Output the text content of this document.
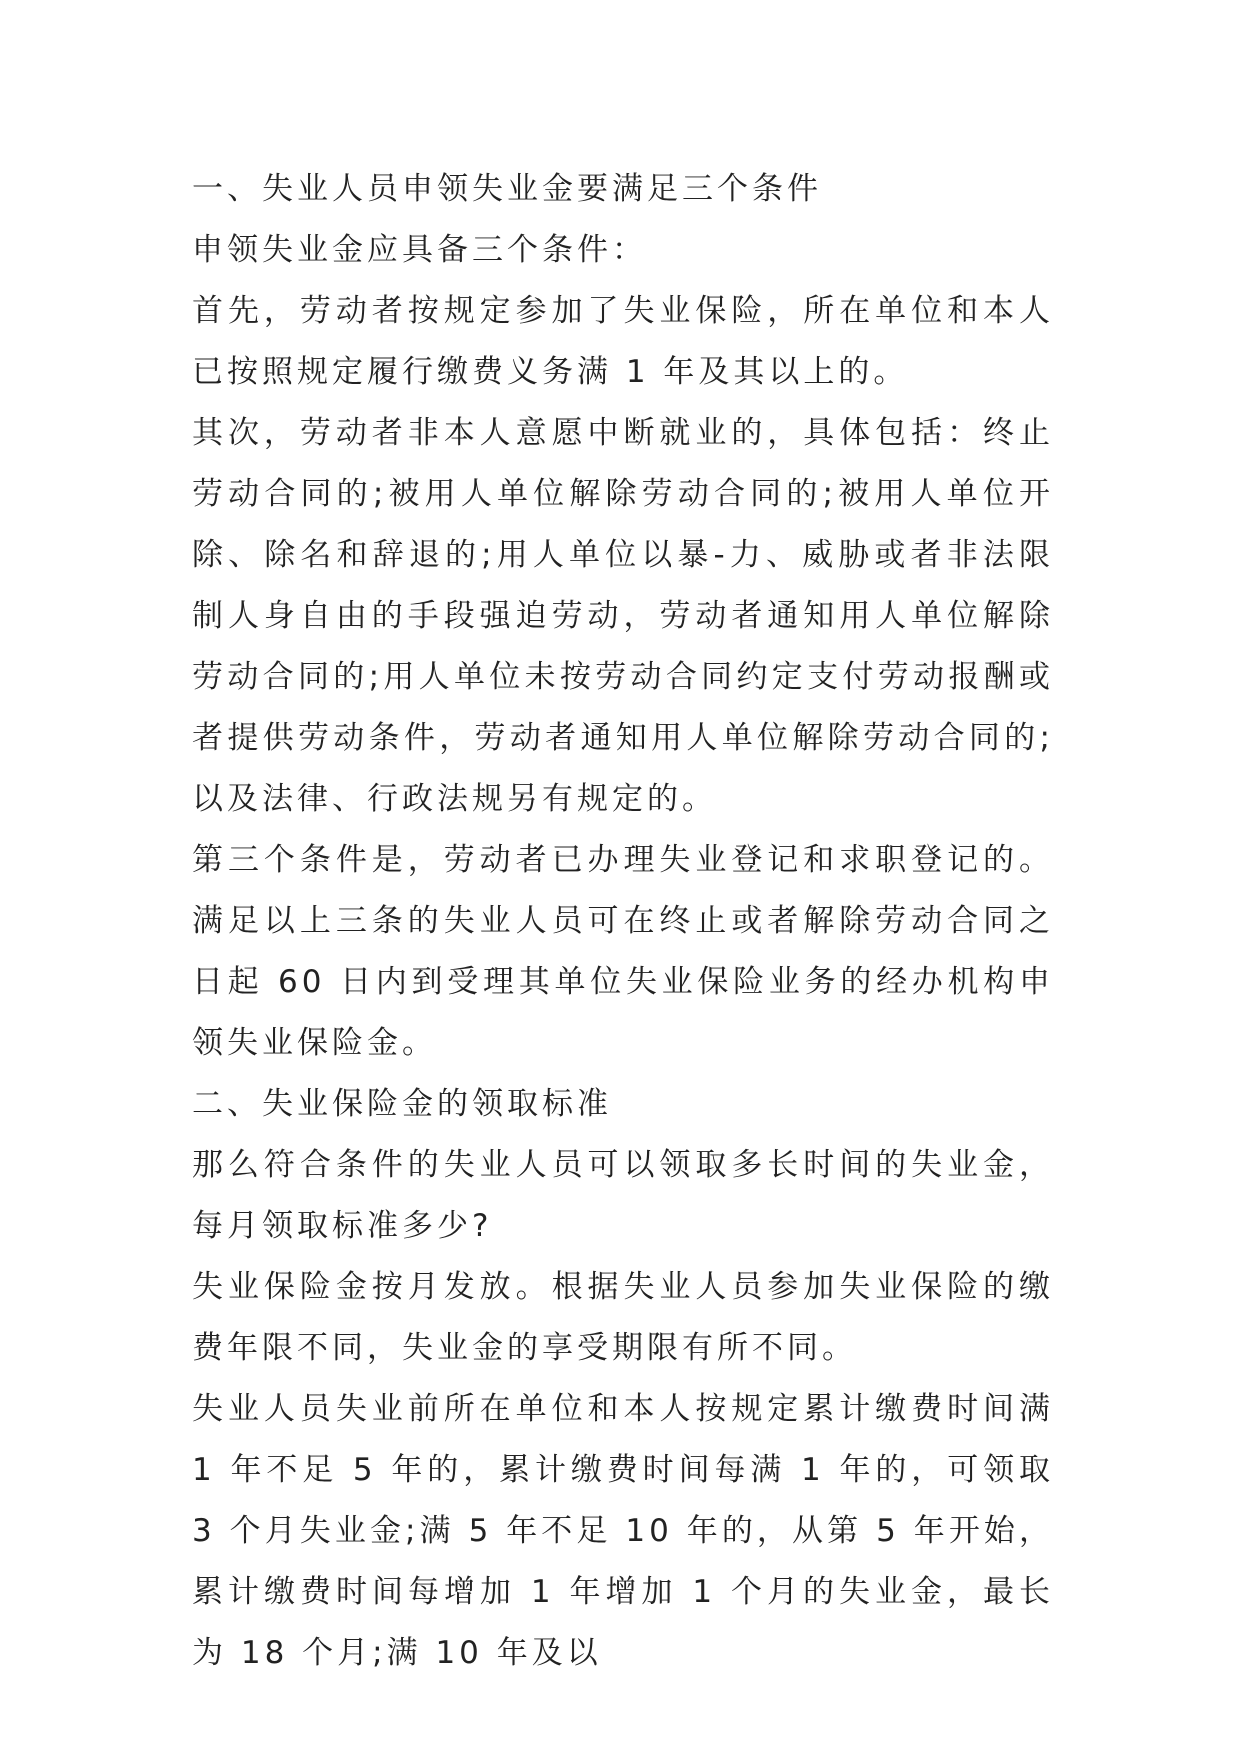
一、失业人员申领失业金要满足三个条件

申领失业金应具备三个条件：

首先，劳动者按规定参加了失业保险，所在单位和本人已按照规定履行缴费义务满 1 年及其以上的。

其次，劳动者非本人意愿中断就业的，具体包括：终止劳动合同的;被用人单位解除劳动合同的;被用人单位开除、除名和辞退的;用人单位以暴-力、威胁或者非法限制人身自由的手段强迫劳动，劳动者通知用人单位解除劳动合同的;用人单位未按劳动合同约定支付劳动报酬或者提供劳动条件，劳动者通知用人单位解除劳动合同的;以及法律、行政法规另有规定的。

第三个条件是，劳动者已办理失业登记和求职登记的。满足以上三条的失业人员可在终止或者解除劳动合同之日起 60 日内到受理其单位失业保险业务的经办机构申领失业保险金。

二、失业保险金的领取标准

那么符合条件的失业人员可以领取多长时间的失业金，每月领取标准多少?

失业保险金按月发放。根据失业人员参加失业保险的缴费年限不同，失业金的享受期限有所不同。

失业人员失业前所在单位和本人按规定累计缴费时间满 1 年不足 5 年的，累计缴费时间每满 1 年的，可领取 3 个月失业金;满 5 年不足 10 年的，从第 5 年开始，累计缴费时间每增加 1 年增加 1 个月的失业金，最长为 18 个月;满 10 年及以
